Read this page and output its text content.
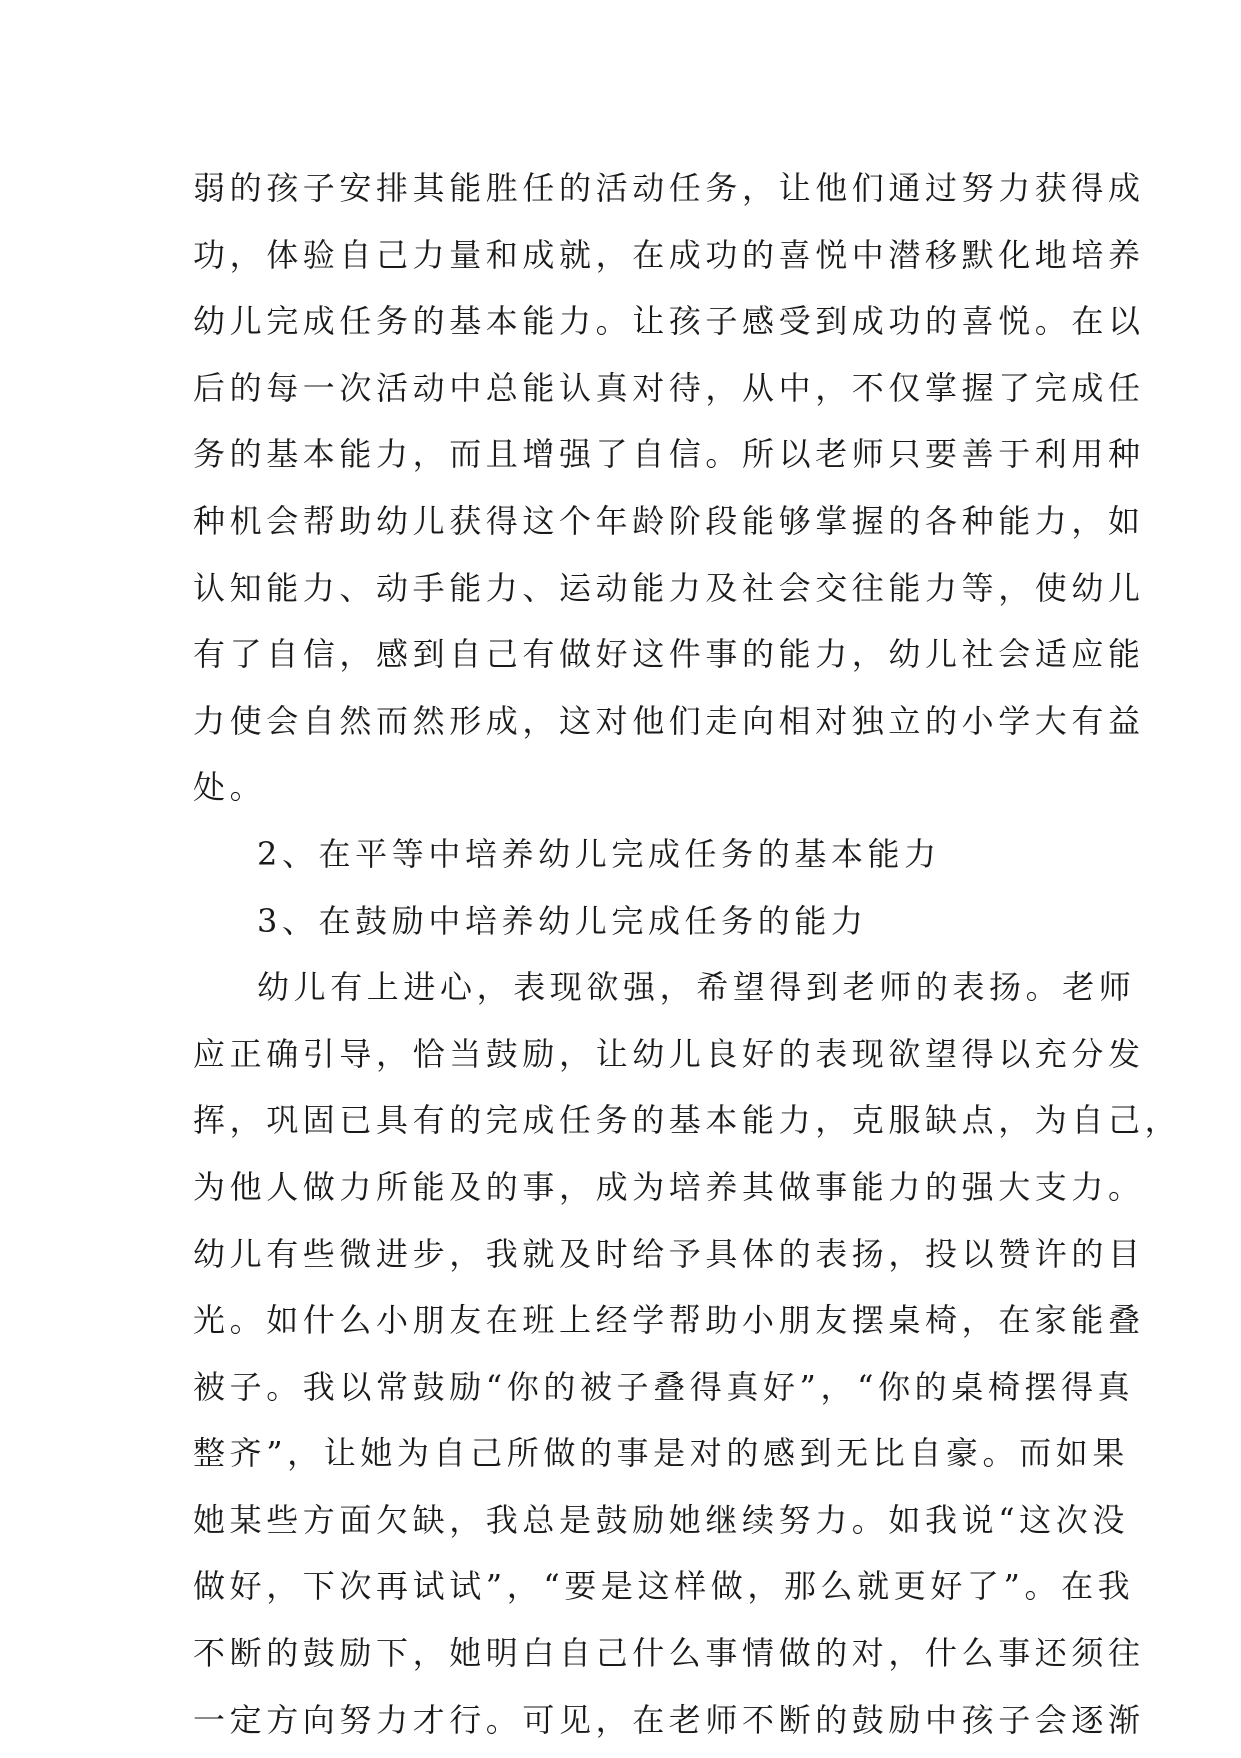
弱的孩子安排其能胜任的活动任务，让他们通过努力获得成
功，体验自己力量和成就，在成功的喜悦中潜移默化地培养
幼儿完成任务的基本能力。让孩子感受到成功的喜悦。在以
后的每一次活动中总能认真对待，从中，不仅掌握了完成任
务的基本能力，而且增强了自信。所以老师只要善于利用种
种机会帮助幼儿获得这个年龄阶段能够掌握的各种能力，如
认知能力、动手能力、运动能力及社会交往能力等，使幼儿
有了自信，感到自己有做好这件事的能力，幼儿社会适应能
力使会自然而然形成，这对他们走向相对独立的小学大有益
处。
2、在平等中培养幼儿完成任务的基本能力
3、在鼓励中培养幼儿完成任务的能力
幼儿有上进心，表现欲强，希望得到老师的表扬。老师
应正确引导，恰当鼓励，让幼儿良好的表现欲望得以充分发
挥，巩固已具有的完成任务的基本能力，克服缺点，为自己，
为他人做力所能及的事，成为培养其做事能力的强大支力。
幼儿有些微进步，我就及时给予具体的表扬，投以赞许的目
光。如什么小朋友在班上经学帮助小朋友摆桌椅，在家能叠
被子。我以常鼓励“你的被子叠得真好”，“你的桌椅摆得真
整齐”，让她为自己所做的事是对的感到无比自豪。而如果
她某些方面欠缺，我总是鼓励她继续努力。如我说“这次没
做好，下次再试试”，“要是这样做，那么就更好了”。在我
不断的鼓励下，她明白自己什么事情做的对，什么事还须往
一定方向努力才行。可见，在老师不断的鼓励中孩子会逐渐
